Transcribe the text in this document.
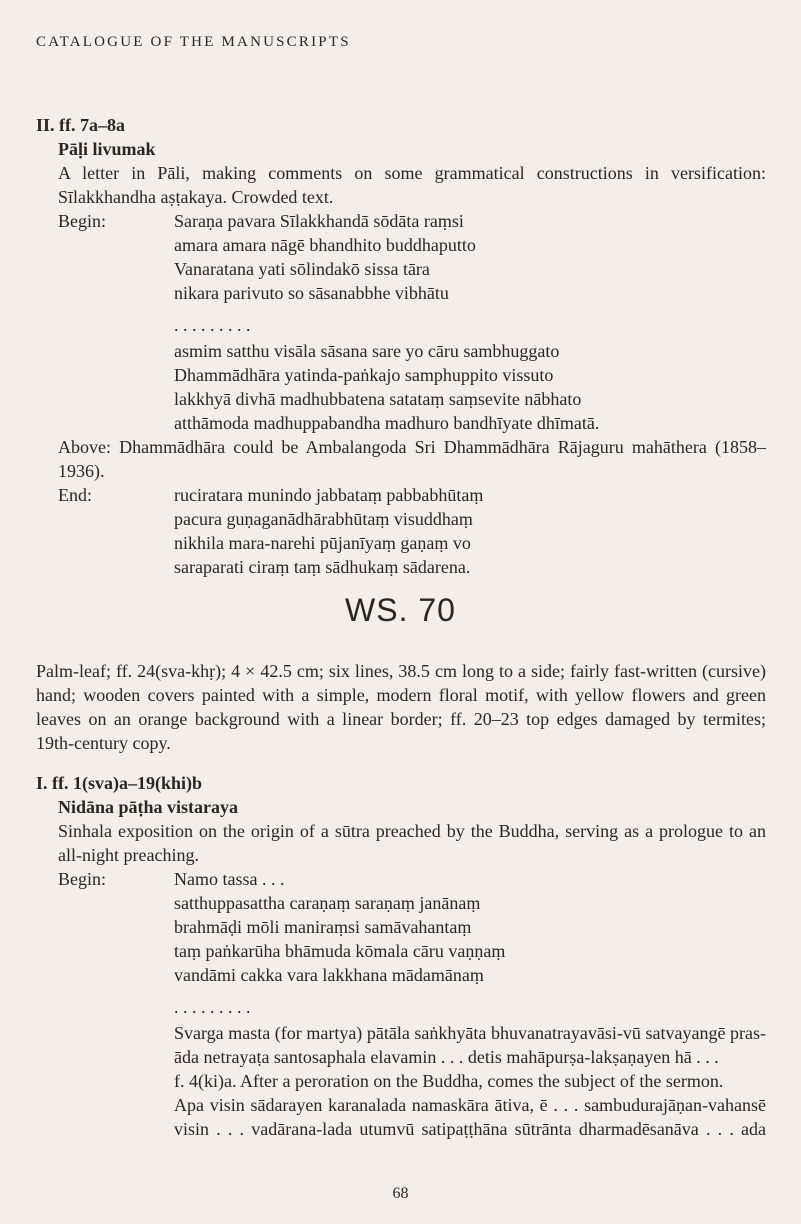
CATALOGUE OF THE MANUSCRIPTS
II. ff. 7a–8a
Pāḷi livumak
A letter in Pāli, making comments on some grammatical constructions in versification:
Sīlakkhandha aṣṭakaya. Crowded text.
Begin:	Saraṇa pavara Sīlakkhandā sōdāta raṃsi
amara amara nāgē bhandhito buddhaputto
Vanaratana yati sōlindakō sissa tāra
nikara parivuto so sāsanabbhe vibhātu
. . . . . . . . .
asmim satthu visāla sāsana sare yo cāru sambhuggato
Dhammādhāra yatinda-paṅkajo samphuppito vissuto
lakkhyā divhā madhubbatena satataṃ saṃsevite nābhato
atthāmoda madhuppabandha madhuro bandhīyate dhīmatā.
Above: Dhammādhāra could be Ambalangoda Sri Dhammādhāra Rājaguru mahāthera (1858–
1936).
End:	ruciratara munindo jabbataṃ pabbabhūtaṃ
pacura guṇaganādhārabhūtaṃ visuddhaṃ
nikhila mara-narehi pūjanīyaṃ gaṇaṃ vo
saraparati ciraṃ taṃ sādhukaṃ sādarena.
WS. 70
Palm-leaf; ff. 24(sva-khṛ); 4 × 42.5 cm; six lines, 38.5 cm long to a side; fairly fast-written (cursive)
hand; wooden covers painted with a simple, modern floral motif, with yellow flowers and green
leaves on an orange background with a linear border; ff. 20–23 top edges damaged by termites;
19th-century copy.
I. ff. 1(sva)a–19(khi)b
Nidāna pāṭha vistaraya
Sinhala exposition on the origin of a sūtra preached by the Buddha, serving as a prologue to an
all-night preaching.
Begin:	Namo tassa . . .
satthuppasattha caraṇaṃ saraṇaṃ janānaṃ
brahmāḍi mōli maniraṃsi samāvahantaṃ
taṃ paṅkarūha bhāmuda kōmala cāru vaṇṇaṃ
vandāmi cakka vara lakkhana mādamānaṃ
. . . . . . . . .
Svarga masta (for martya) pātāla saṅkhyāta bhuvanatrayavāsi-vū satvayangē pras-
āda netrayaṭa santosaphala elavamin . . . detis mahāpurṣa-lakṣaṇayen hā . . .
f. 4(ki)a. After a peroration on the Buddha, comes the subject of the sermon.
Apa visin sādarayen karanalada namaskāra ātiva, ē . . . sambudurajāṇan-vahansē
visin . . . vadārana-lada utumvū satipaṭṭhāna sūtrānta dharmadēsanāva . . . ada
68
